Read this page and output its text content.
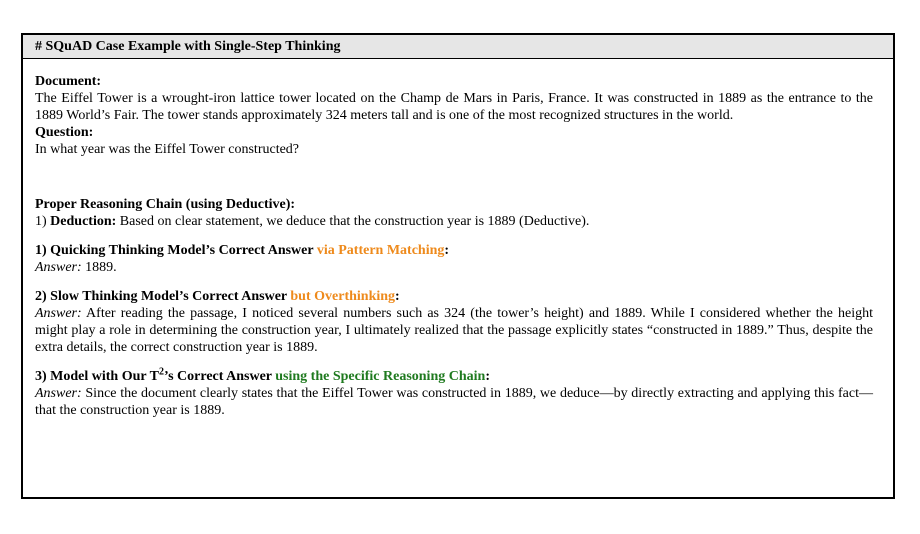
# SQuAD Case Example with Single-Step Thinking

Document:

The Eiffel Tower is a wrought-iron lattice tower located on the Champ de Mars in Paris, France. It was constructed in 1889 as the entrance to the 1889 World’s Fair. The tower stands approximately 324 meters tall and is one of the most recognized structures in the world.

Question:

In what year was the Eiffel Tower constructed?

Proper Reasoning Chain (using Deductive):

1) Deduction: Based on clear statement, we deduce that the construction year is 1889 (Deductive).

1) Quicking Thinking Model’s Correct Answer via Pattern Matching:

Answer: 1889.

2) Slow Thinking Model’s Correct Answer but Overthinking:

Answer: After reading the passage, I noticed several numbers such as 324 (the tower’s height) and 1889. While I considered whether the height might play a role in determining the construction year, I ultimately realized that the passage explicitly states “constructed in 1889.” Thus, despite the extra details, the correct construction year is 1889.

3) Model with Our $T^2’s$ Correct Answer using the Specific Reasoning Chain:

Answer: Since the document clearly states that the Eiffel Tower was constructed in 1889, we deduce—by directly extracting and applying this fact—that the construction year is 1889.
